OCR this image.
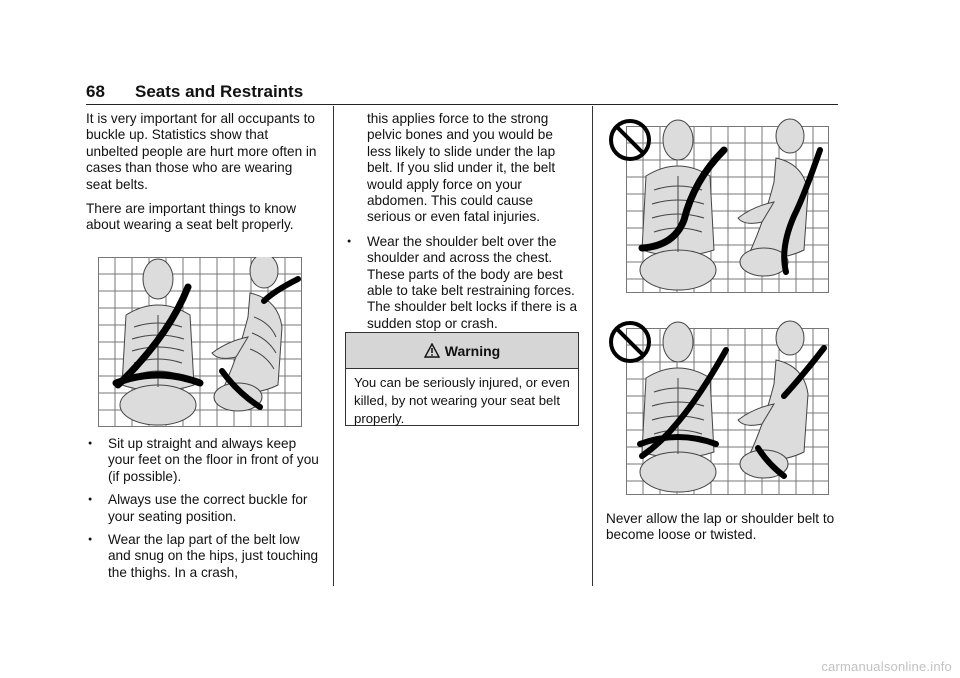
68 Seats and Restraints

It is very important for all occupants to buckle up. Statistics show that unbelted people are hurt more often in cases than those who are wearing seat belts.

There are important things to know about wearing a seat belt properly.

● Sit up straight and always keep your feet on the floor in front of you (if possible).
● Always use the correct buckle for your seating position.
● Wear the lap part of the belt low and snug on the hips, just touching the thighs. In a crash,

this applies force to the strong pelvic bones and you would be less likely to slide under the lap belt. If you slid under it, the belt would apply force on your abdomen. This could cause serious or even fatal injuries.

● Wear the shoulder belt over the shoulder and across the chest. These parts of the body are best able to take belt restraining forces. The shoulder belt locks if there is a sudden stop or crash.
Warning
You can be seriously injured, or even killed, by not wearing your seat belt properly.

Never allow the lap or shoulder belt to become loose or twisted.

carmanualsonline.info
